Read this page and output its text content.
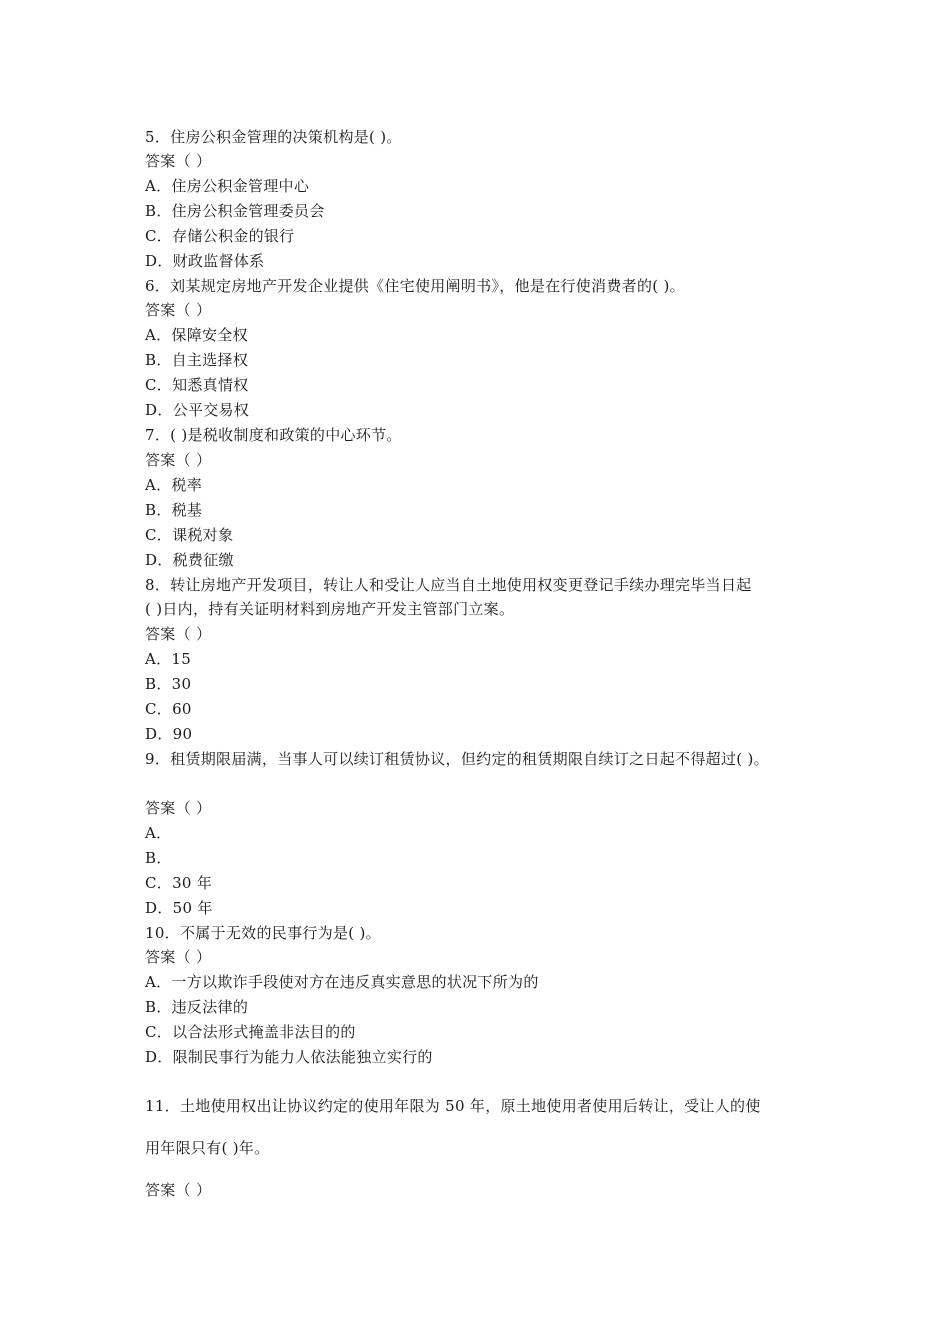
5．住房公积金管理的决策机构是( )。
答案（ ）
A．住房公积金管理中心
B．住房公积金管理委员会
C．存储公积金的银行
D．财政监督体系
6．刘某规定房地产开发企业提供《住宅使用阐明书》，他是在行使消费者的( )。
答案（ ）
A．保障安全权
B．自主选择权
C．知悉真情权
D．公平交易权
7．( )是税收制度和政策的中心环节。
答案（ ）
A．税率
B．税基
C．课税对象
D．税费征缴
8．转让房地产开发项目，转让人和受让人应当自土地使用权变更登记手续办理完毕当日起
( )日内，持有关证明材料到房地产开发主管部门立案。
答案（ ）
A．15
B．30
C．60
D．90
9．租赁期限届满，当事人可以续订租赁协议，但约定的租赁期限自续订之日起不得超过( )。
答案（ ）
A．
B．
C．30 年
D．50 年
10．不属于无效的民事行为是( )。
答案（ ）
A．一方以欺诈手段使对方在违反真实意思的状况下所为的
B．违反法律的
C．以合法形式掩盖非法目的的
D．限制民事行为能力人依法能独立实行的
11．土地使用权出让协议约定的使用年限为 50 年，原土地使用者使用后转让，受让人的使
用年限只有( )年。
答案（ ）
